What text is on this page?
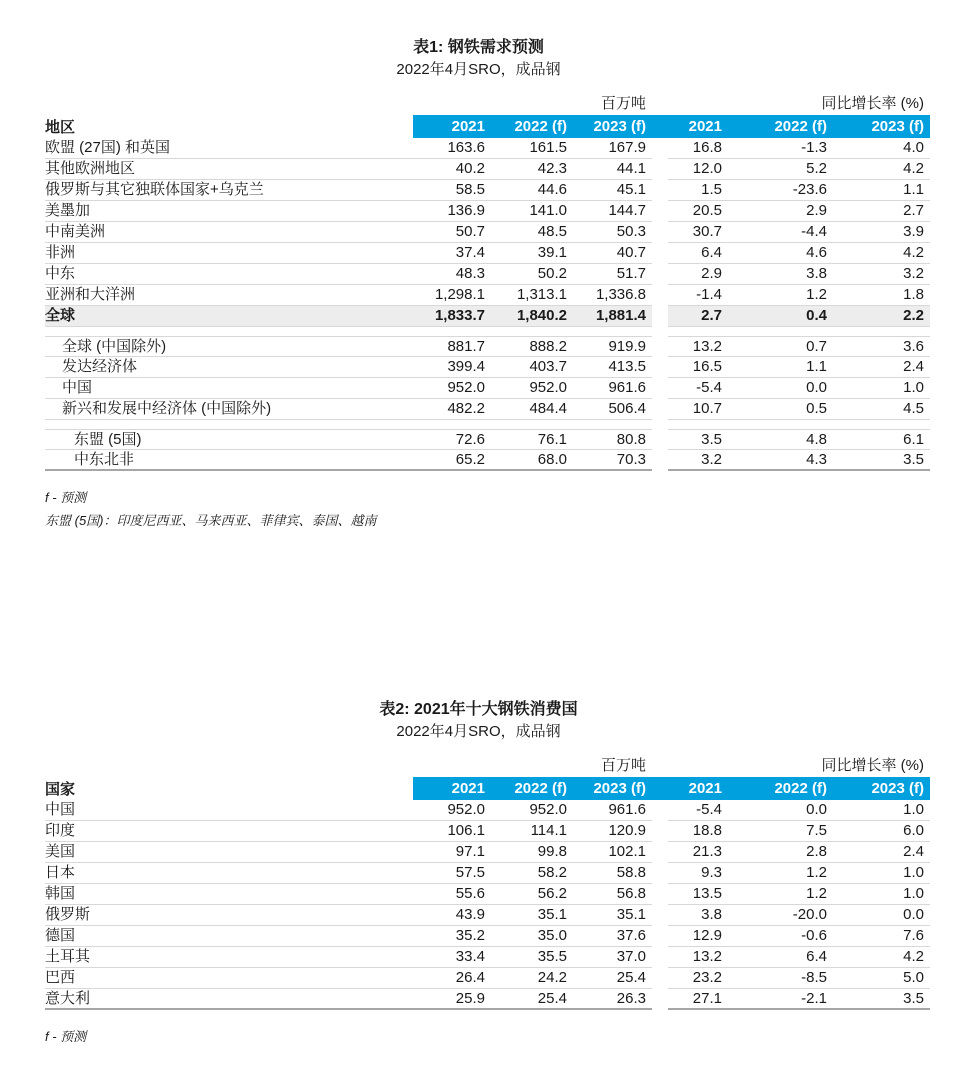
表1: 钢铁需求预测
2022年4月SRO，成品钢
百万吨	同比增长率 (%)
地区	2021	2022 (f)	2023 (f)	2021	2022 (f)	2023 (f)
欧盟 (27国) 和英国	163.6	161.5	167.9	16.8	-1.3	4.0
其他欧洲地区	40.2	42.3	44.1	12.0	5.2	4.2
俄罗斯与其它独联体国家+乌克兰	58.5	44.6	45.1	1.5	-23.6	1.1
美墨加	136.9	141.0	144.7	20.5	2.9	2.7
中南美洲	50.7	48.5	50.3	30.7	-4.4	3.9
非洲	37.4	39.1	40.7	6.4	4.6	4.2
中东	48.3	50.2	51.7	2.9	3.8	3.2
亚洲和大洋洲	1,298.1	1,313.1	1,336.8	-1.4	1.2	1.8
全球	1,833.7	1,840.2	1,881.4	2.7	0.4	2.2
全球 (中国除外)	881.7	888.2	919.9	13.2	0.7	3.6
发达经济体	399.4	403.7	413.5	16.5	1.1	2.4
中国	952.0	952.0	961.6	-5.4	0.0	1.0
新兴和发展中经济体 (中国除外)	482.2	484.4	506.4	10.7	0.5	4.5
东盟 (5国)	72.6	76.1	80.8	3.5	4.8	6.1
中东北非	65.2	68.0	70.3	3.2	4.3	3.5
f - 预测
东盟 (5国)：印度尼西亚、马来西亚、菲律宾、泰国、越南
表2: 2021年十大钢铁消费国
2022年4月SRO，成品钢
百万吨	同比增长率 (%)
国家	2021	2022 (f)	2023 (f)	2021	2022 (f)	2023 (f)
中国	952.0	952.0	961.6	-5.4	0.0	1.0
印度	106.1	114.1	120.9	18.8	7.5	6.0
美国	97.1	99.8	102.1	21.3	2.8	2.4
日本	57.5	58.2	58.8	9.3	1.2	1.0
韩国	55.6	56.2	56.8	13.5	1.2	1.0
俄罗斯	43.9	35.1	35.1	3.8	-20.0	0.0
德国	35.2	35.0	37.6	12.9	-0.6	7.6
土耳其	33.4	35.5	37.0	13.2	6.4	4.2
巴西	26.4	24.2	25.4	23.2	-8.5	5.0
意大利	25.9	25.4	26.3	27.1	-2.1	3.5
f - 预测
